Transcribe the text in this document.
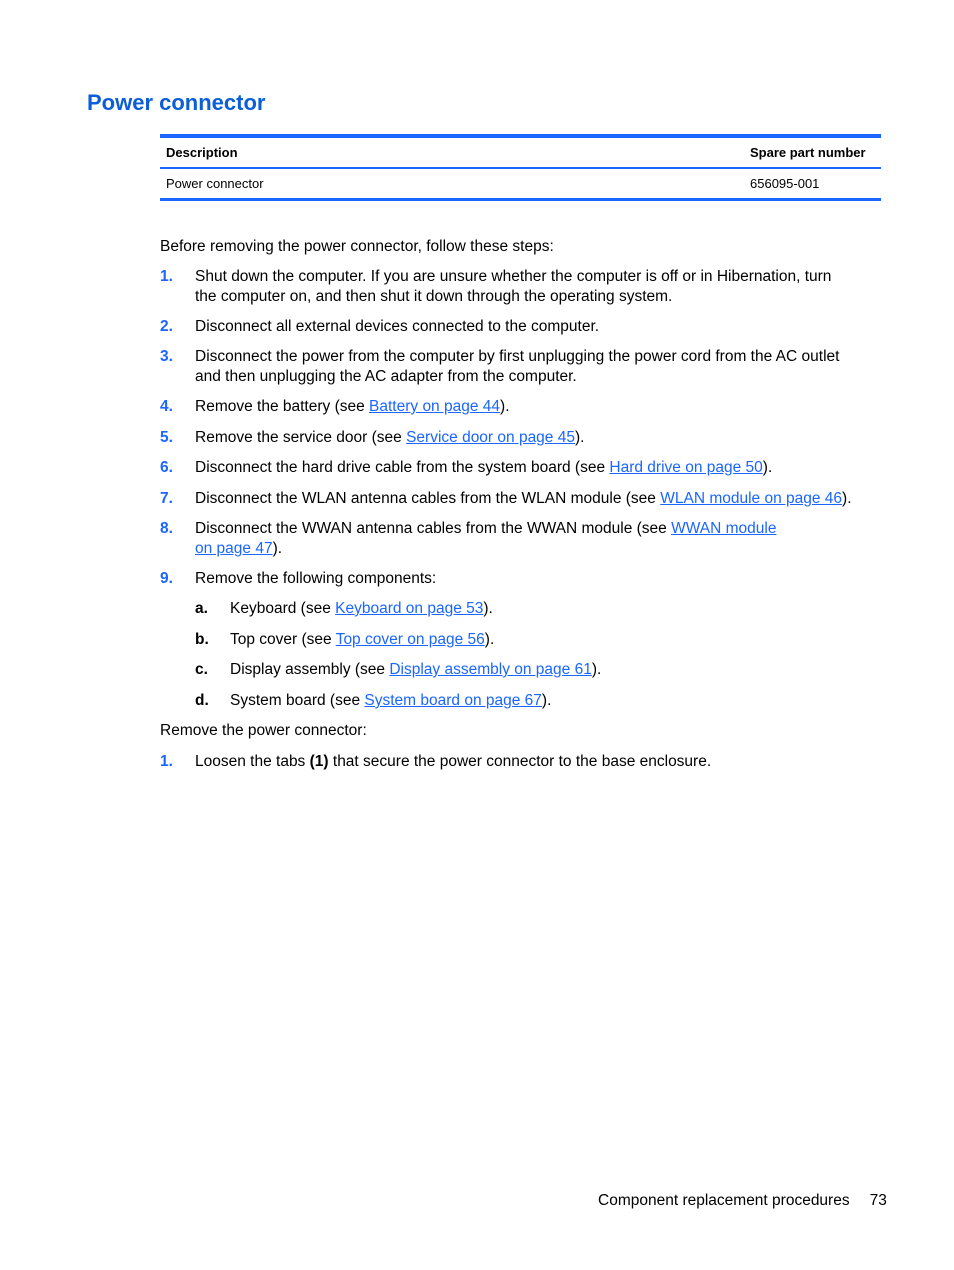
Power connector
Description	Spare part number
Power connector	656095-001

Before removing the power connector, follow these steps:

1. Shut down the computer. If you are unsure whether the computer is off or in Hibernation, turn
the computer on, and then shut it down through the operating system.
2. Disconnect all external devices connected to the computer.
3. Disconnect the power from the computer by first unplugging the power cord from the AC outlet
and then unplugging the AC adapter from the computer.
4. Remove the battery (see Battery on page 44).
5. Remove the service door (see Service door on page 45).
6. Disconnect the hard drive cable from the system board (see Hard drive on page 50).
7. Disconnect the WLAN antenna cables from the WLAN module (see WLAN module on page 46).
8. Disconnect the WWAN antenna cables from the WWAN module (see WWAN module
on page 47).
9. Remove the following components:
a. Keyboard (see Keyboard on page 53).
b. Top cover (see Top cover on page 56).
c. Display assembly (see Display assembly on page 61).
d. System board (see System board on page 67).

Remove the power connector:

1. Loosen the tabs (1) that secure the power connector to the base enclosure.
Component replacement procedures 73
